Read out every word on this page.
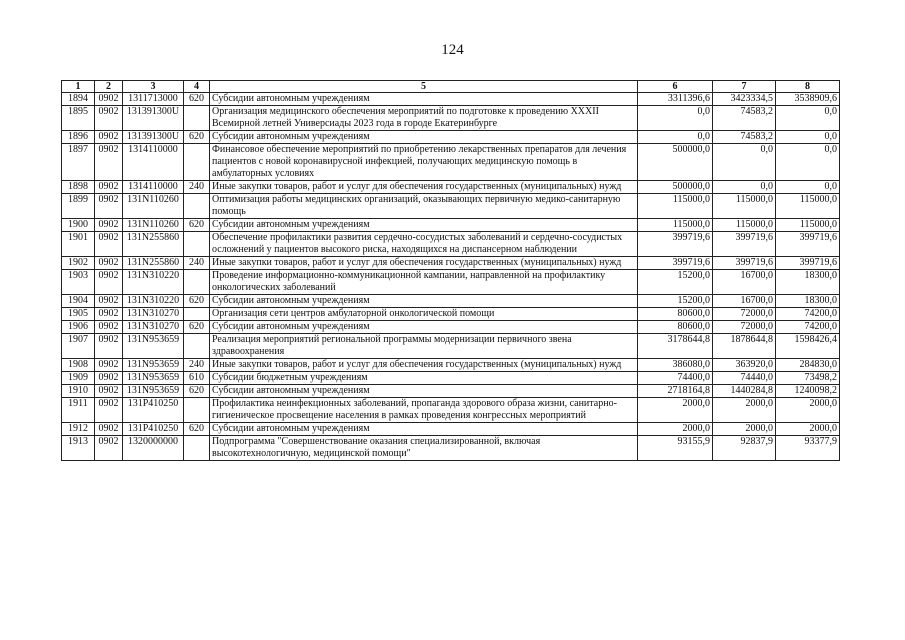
124
1	2	3	4	5	6	7	8
1894	0902	1311713000	620	Субсидии автономным учреждениям	3311396,6	3423334,5	3538909,6
1895	0902	131391300U		Организация медицинского обеспечения мероприятий по подготовке к проведению XXXII Всемирной летней Универсиады 2023 года в городе Екатеринбурге	0,0	74583,2	0,0
1896	0902	131391300U	620	Субсидии автономным учреждениям	0,0	74583,2	0,0
1897	0902	1314110000		Финансовое обеспечение мероприятий по приобретению лекарственных препаратов для лечения пациентов с новой коронавирусной инфекцией, получающих медицинскую помощь в амбулаторных условиях	500000,0	0,0	0,0
1898	0902	1314110000	240	Иные закупки товаров, работ и услуг для обеспечения государственных (муниципальных) нужд	500000,0	0,0	0,0
1899	0902	131N110260		Оптимизация работы медицинских организаций, оказывающих первичную медико-санитарную помощь	115000,0	115000,0	115000,0
1900	0902	131N110260	620	Субсидии автономным учреждениям	115000,0	115000,0	115000,0
1901	0902	131N255860		Обеспечение профилактики развития сердечно-сосудистых заболеваний и сердечно-сосудистых осложнений у пациентов высокого риска, находящихся на диспансерном наблюдении	399719,6	399719,6	399719,6
1902	0902	131N255860	240	Иные закупки товаров, работ и услуг для обеспечения государственных (муниципальных) нужд	399719,6	399719,6	399719,6
1903	0902	131N310220		Проведение информационно-коммуникационной кампании, направленной на профилактику онкологических заболеваний	15200,0	16700,0	18300,0
1904	0902	131N310220	620	Субсидии автономным учреждениям	15200,0	16700,0	18300,0
1905	0902	131N310270		Организация сети центров амбулаторной онкологической помощи	80600,0	72000,0	74200,0
1906	0902	131N310270	620	Субсидии автономным учреждениям	80600,0	72000,0	74200,0
1907	0902	131N953659		Реализация мероприятий региональной программы модернизации первичного звена здравоохранения	3178644,8	1878644,8	1598426,4
1908	0902	131N953659	240	Иные закупки товаров, работ и услуг для обеспечения государственных (муниципальных) нужд	386080,0	363920,0	284830,0
1909	0902	131N953659	610	Субсидии бюджетным учреждениям	74400,0	74440,0	73498,2
1910	0902	131N953659	620	Субсидии автономным учреждениям	2718164,8	1440284,8	1240098,2
1911	0902	131P410250		Профилактика неинфекционных заболеваний, пропаганда здорового образа жизни, санитарно-гигиеническое просвещение населения в рамках проведения конгрессных мероприятий	2000,0	2000,0	2000,0
1912	0902	131P410250	620	Субсидии автономным учреждениям	2000,0	2000,0	2000,0
1913	0902	1320000000		Подпрограмма "Совершенствование оказания специализированной, включая высокотехнологичную, медицинской помощи"	93155,9	92837,9	93377,9
